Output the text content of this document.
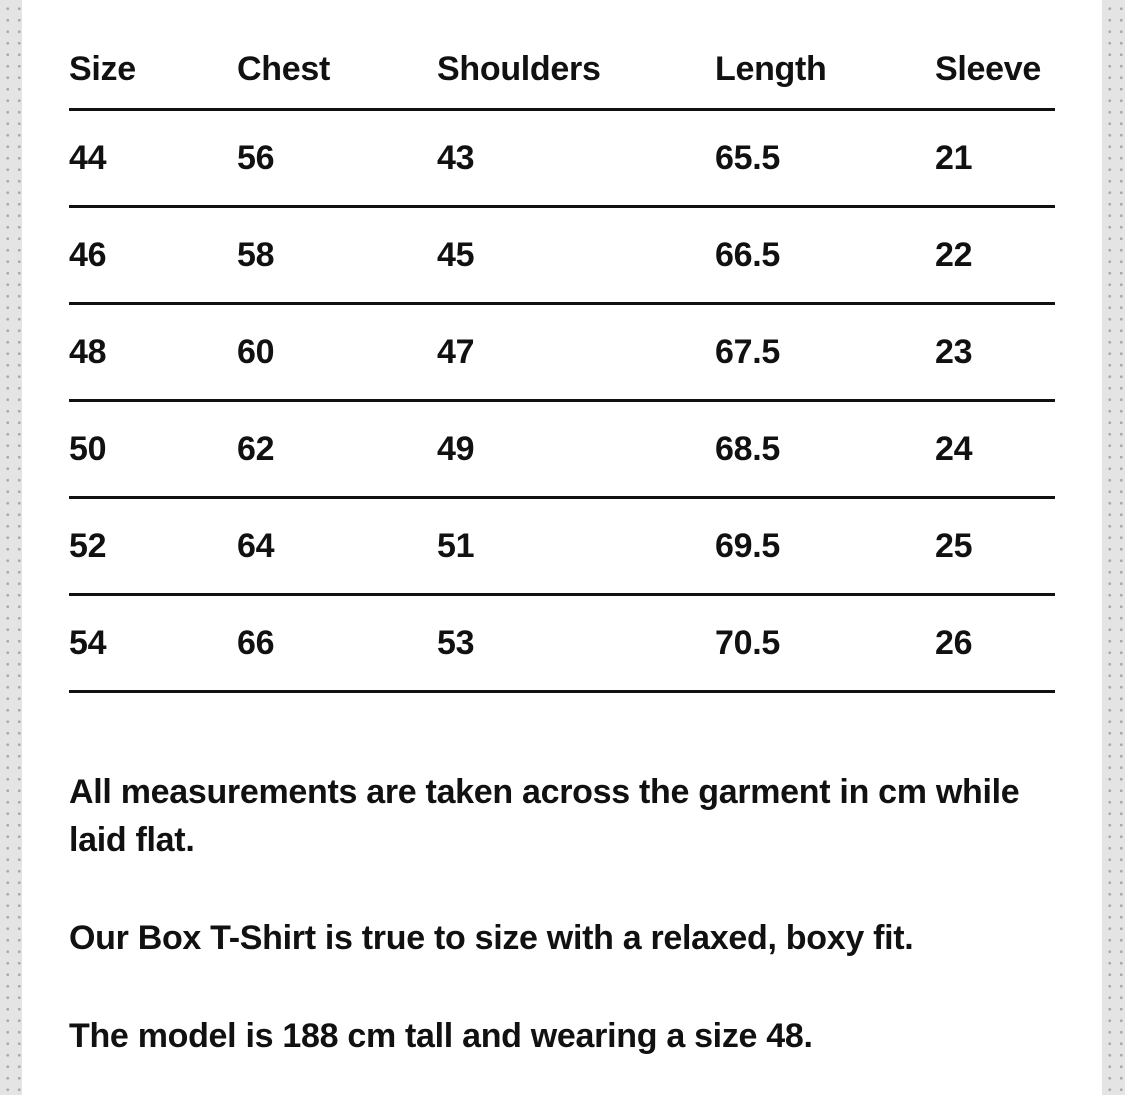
Size	Chest	Shoulders	Length	Sleeve
44	56	43	65.5	21
46	58	45	66.5	22
48	60	47	67.5	23
50	62	49	68.5	24
52	64	51	69.5	25
54	66	53	70.5	26

All measurements are taken across the garment in cm while laid flat.

Our Box T-Shirt is true to size with a relaxed, boxy fit.

The model is 188 cm tall and wearing a size 48.
